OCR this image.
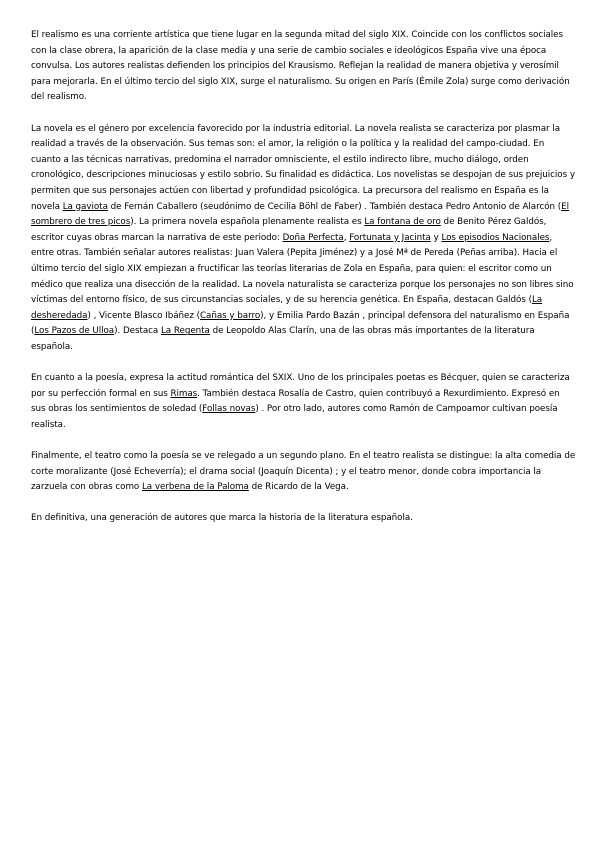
El realismo es una corriente artística que tiene lugar en la segunda mitad del siglo XIX. Coincide con los conflictos sociales con la clase obrera, la aparición de la clase media y una serie de cambio sociales e ideológicos España vive una época convulsa. Los autores realistas defienden los principios del Krausismo. Reflejan la realidad de manera objetiva y verosímil para mejorarla. En el último tercio del siglo XIX, surge el naturalismo. Su origen en París (Émile Zola) surge como derivación del realismo.

La novela es el género por excelencia favorecido por la industria editorial. La novela realista se caracteriza por plasmar la realidad a través de la observación. Sus temas son: el amor, la religión o la política y la realidad del campo-ciudad. En cuanto a las técnicas narrativas, predomina el narrador omnisciente, el estilo indirecto libre, mucho diálogo, orden cronológico, descripciones minuciosas y estilo sobrio. Su finalidad es didáctica. Los novelistas se despojan de sus prejuicios y permiten que sus personajes actúen con libertad y profundidad psicológica. La precursora del realismo en España es la novela La gaviota de Fernán Caballero (seudónimo de Cecilia Böhl de Faber) . También destaca Pedro Antonio de Alarcón (El sombrero de tres picos). La primera novela española plenamente realista es La fontana de oro de Benito Pérez Galdós, escritor cuyas obras marcan la narrativa de este periodo: Doña Perfecta, Fortunata y Jacinta y Los episodios Nacionales, entre otras. También señalar autores realistas: Juan Valera (Pepita Jiménez) y a José Mª de Pereda (Peñas arriba). Hacia el último tercio del siglo XIX empiezan a fructificar las teorías literarias de Zola en España, para quien: el escritor como un médico que realiza una disección de la realidad. La novela naturalista se caracteriza porque los personajes no son libres sino víctimas del entorno físico, de sus circunstancias sociales, y de su herencia genética. En España, destacan Galdós (La desheredada) , Vicente Blasco Ibáñez (Cañas y barro), y Emilia Pardo Bazán , principal defensora del naturalismo en España (Los Pazos de Ulloa). Destaca La Regenta de Leopoldo Alas Clarín, una de las obras más importantes de la literatura española.

En cuanto a la poesía, expresa la actitud romántica del SXIX. Uno de los principales poetas es Bécquer, quien se caracteriza por su perfección formal en sus Rimas. También destaca Rosalía de Castro, quien contribuyó a Rexurdimiento. Expresó en sus obras los sentimientos de soledad (Follas novas) . Por otro lado, autores como Ramón de Campoamor cultivan poesía realista.

Finalmente, el teatro como la poesía se ve relegado a un segundo plano. En el teatro realista se distingue: la alta comedia de corte moralizante (José Echeverría); el drama social (Joaquín Dicenta) ; y el teatro menor, donde cobra importancia la zarzuela con obras como La verbena de la Paloma de Ricardo de la Vega.

En definitiva, una generación de autores que marca la historia de la literatura española.
